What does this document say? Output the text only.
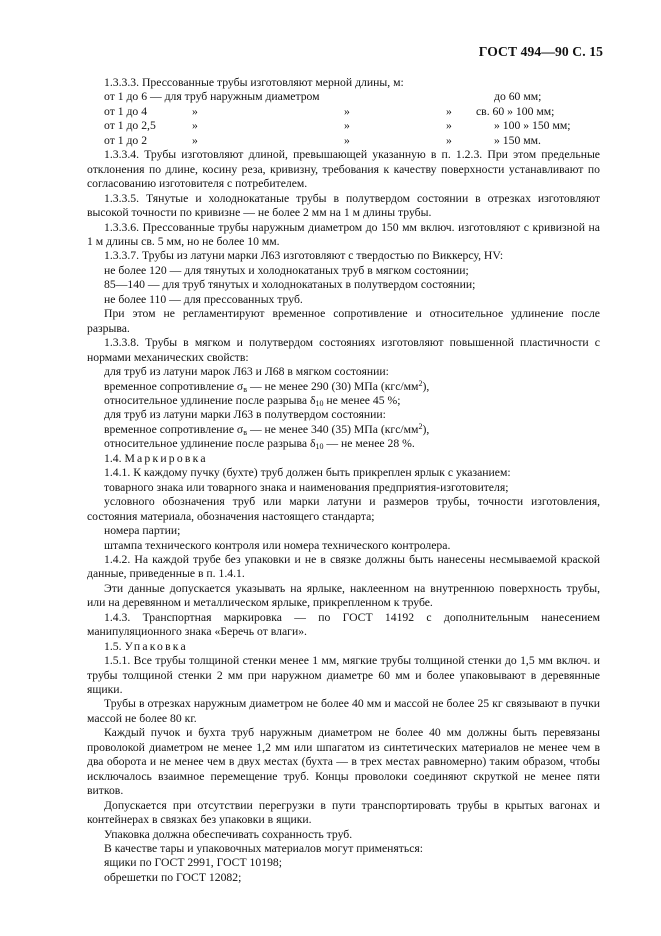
ГОСТ 494—90 С. 15

1.3.3.3. Прессованные трубы изготовляют мерной длины, м:

от 1 до 6 — для труб наружным диаметром	до 60 мм;
от 1 до 4	»	»	»	св. 60 » 100 мм;
от 1 до 2,5	»	»	»	» 100 » 150 мм;
от 1 до 2	»	»	»	» 150 мм.

1.3.3.4. Трубы изготовляют длиной, превышающей указанную в п. 1.2.3. При этом предельные отклонения по длине, косину реза, кривизну, требования к качеству поверхности устанавливают по согласованию изготовителя с потребителем.

1.3.3.5. Тянутые и холоднокатаные трубы в полутвердом состоянии в отрезках изготовляют высокой точности по кривизне — не более 2 мм на 1 м длины трубы.

1.3.3.6. Прессованные трубы наружным диаметром до 150 мм включ. изготовляют с кривизной на 1 м длины св. 5 мм, но не более 10 мм.

1.3.3.7. Трубы из латуни марки Л63 изготовляют с твердостью по Виккерсу, HV:

не более 120 — для тянутых и холоднокатаных труб в мягком состоянии;

85—140 — для труб тянутых и холоднокатаных в полутвердом состоянии;

не более 110 — для прессованных труб.

При этом не регламентируют временное сопротивление и относительное удлинение после разрыва.

1.3.3.8. Трубы в мягком и полутвердом состояниях изготовляют повышенной пластичности с нормами механических свойств:

для труб из латуни марок Л63 и Л68 в мягком состоянии:

временное сопротивление $\sigma_в$ — не менее 290 (30) МПа $(кгс/мм^2)$,

относительное удлинение после разрыва $\delta_{10}$ не менее 45 %;

для труб из латуни марки Л63 в полутвердом состоянии:

временное сопротивление $\sigma_в$ — не менее 340 (35) МПа $(кгс/мм^2)$,

относительное удлинение после разрыва $\delta_{10}$ — не менее 28 %.

1.4. Маркировка

1.4.1. К каждому пучку (бухте) труб должен быть прикреплен ярлык с указанием:

товарного знака или товарного знака и наименования предприятия-изготовителя;

условного обозначения труб или марки латуни и размеров трубы, точности изготовления, состояния материала, обозначения настоящего стандарта;

номера партии;

штампа технического контроля или номера технического контролера.

1.4.2. На каждой трубе без упаковки и не в связке должны быть нанесены несмываемой краской данные, приведенные в п. 1.4.1.

Эти данные допускается указывать на ярлыке, наклеенном на внутреннюю поверхность трубы, или на деревянном и металлическом ярлыке, прикрепленном к трубе.

1.4.3. Транспортная маркировка — по ГОСТ 14192 с дополнительным нанесением манипуляционного знака «Беречь от влаги».

1.5. Упаковка

1.5.1. Все трубы толщиной стенки менее 1 мм, мягкие трубы толщиной стенки до 1,5 мм включ. и трубы толщиной стенки 2 мм при наружном диаметре 60 мм и более упаковывают в деревянные ящики.

Трубы в отрезках наружным диаметром не более 40 мм и массой не более 25 кг связывают в пучки массой не более 80 кг.

Каждый пучок и бухта труб наружным диаметром не более 40 мм должны быть перевязаны проволокой диаметром не менее 1,2 мм или шпагатом из синтетических материалов не менее чем в два оборота и не менее чем в двух местах (бухта — в трех местах равномерно) таким образом, чтобы исключалось взаимное перемещение труб. Концы проволоки соединяют скруткой не менее пяти витков.

Допускается при отсутствии перегрузки в пути транспортировать трубы в крытых вагонах и контейнерах в связках без упаковки в ящики.

Упаковка должна обеспечивать сохранность труб.

В качестве тары и упаковочных материалов могут применяться:

ящики по ГОСТ 2991, ГОСТ 10198;

обрешетки по ГОСТ 12082;
